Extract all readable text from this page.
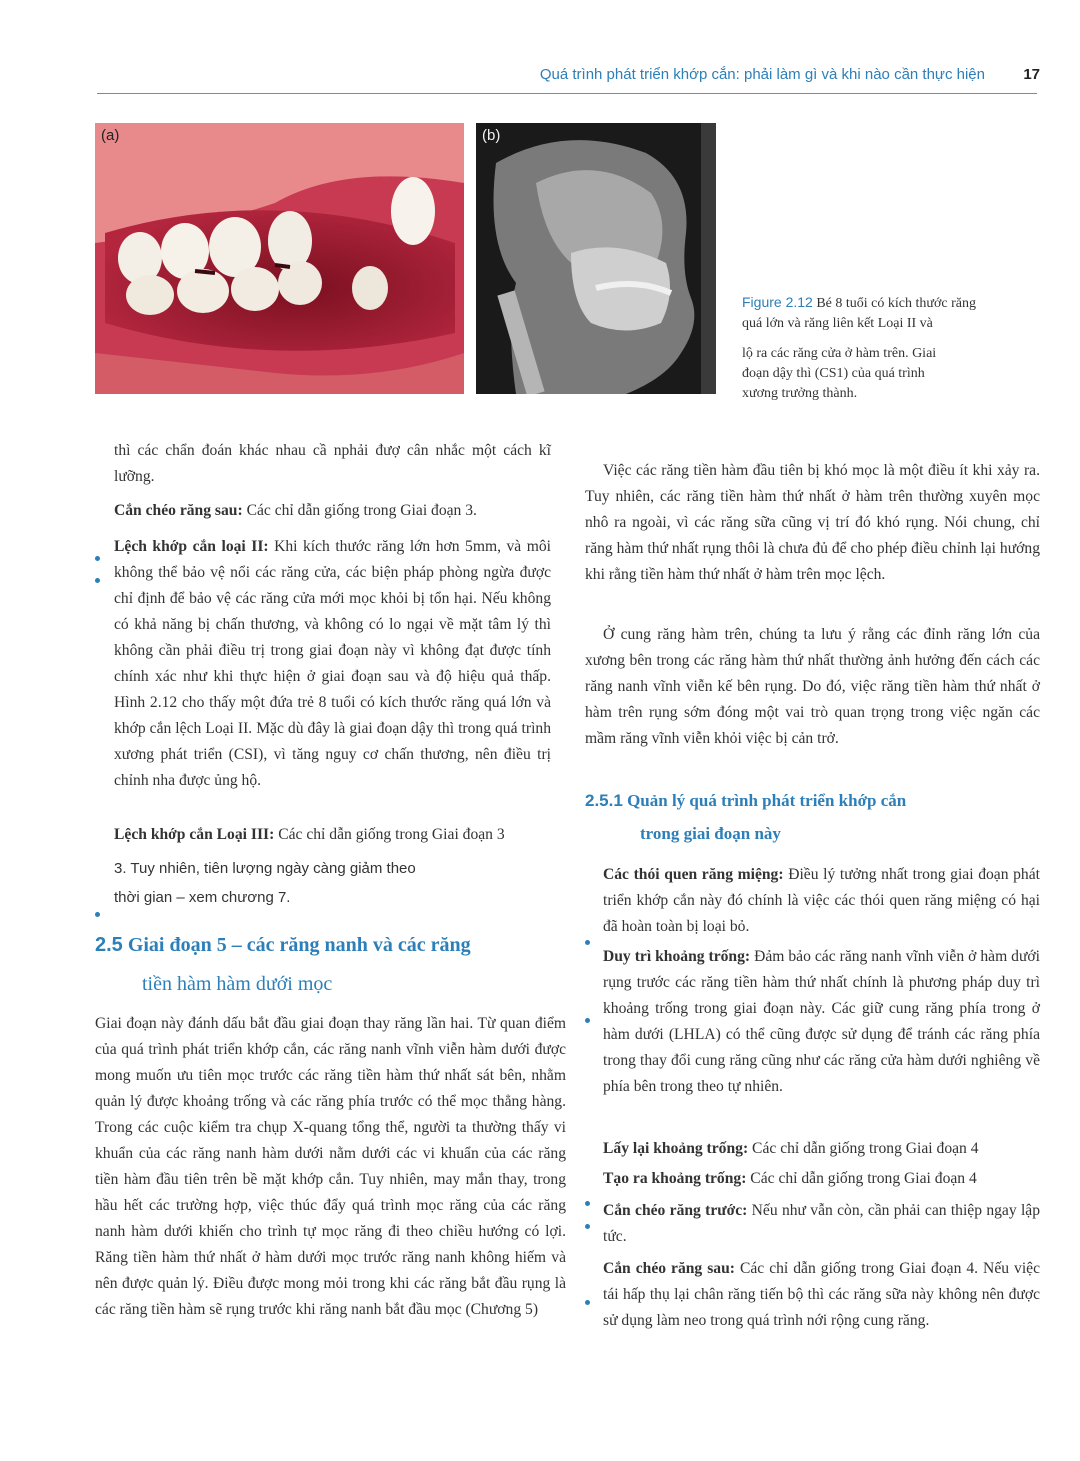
Quá trình phát triển khớp cắn: phải làm gì và khi nào cần thực hiện	17
(a)	(b)
Figure 2.12 Bé 8 tuổi có kích thước răng
quá lớn và răng liên kết Loại II và
lộ ra các răng cửa ở hàm trên. Giai
đoạn dậy thì (CS1) của quá trình
xương trưởng thành.

thì các chẩn đoán khác nhau cầ nphải đượ cân nhắc một cách kĩ lưỡng.

Cắn chéo răng sau: Các chỉ dẫn giống trong Giai đoạn 3.

Lệch khớp cắn loại II: Khi kích thước răng lớn hơn 5mm, và môi không thể bảo vệ nổi các răng cửa, các biện pháp phòng ngừa được chỉ định để bảo vệ các răng cửa mới mọc khỏi bị tổn hại. Nếu không có khả năng bị chấn thương, và không có lo ngại về mặt tâm lý thì không cần phải điều trị trong giai đoạn này vì không đạt được tính chính xác như khi thực hiện ở giai đoạn sau và độ hiệu quả thấp. Hình 2.12 cho thấy một đứa trẻ 8 tuổi có kích thước răng quá lớn và khớp cắn lệch Loại II. Mặc dù đây là giai đoạn dậy thì trong quá trình xương phát triển (CSI), vì tăng nguy cơ chấn thương, nên điều trị chỉnh nha được ủng hộ.

Lệch khớp cắn Loại III: Các chỉ dẫn giống trong Giai đoạn 3

3. Tuy nhiên, tiên lượng ngày càng giảm theo

thời gian – xem chương 7.

2.5 Giai đoạn 5 – các răng nanh và các răng
tiền hàm hàm dưới mọc

Giai đoạn này đánh dấu bắt đầu giai đoạn thay răng lần hai. Từ quan điểm của quá trình phát triển khớp cắn, các răng nanh vĩnh viễn hàm dưới được mong muốn ưu tiên mọc trước các răng tiền hàm thứ nhất sát bên, nhằm quản lý được khoảng trống và các răng phía trước có thể mọc thẳng hàng. Trong các cuộc kiểm tra chụp X-quang tổng thể, người ta thường thấy vi khuẩn của các răng nanh hàm dưới nằm dưới các vi khuẩn của các răng tiền hàm đầu tiên trên bề mặt khớp cắn. Tuy nhiên, may mắn thay, trong hầu hết các trường hợp, việc thúc đẩy quá trình mọc răng của các răng nanh hàm dưới khiến cho trình tự mọc răng đi theo chiều hướng có lợi. Răng tiền hàm thứ nhất ở hàm dưới mọc trước răng nanh không hiếm và nên được quản lý. Điều được mong mỏi trong khi các răng bắt đầu rụng là các răng tiền hàm sẽ rụng trước khi răng nanh bắt đầu mọc (Chương 5)

Việc các răng tiền hàm đầu tiên bị khó mọc là một điều ít khi xảy ra. Tuy nhiên, các răng tiền hàm thứ nhất ở hàm trên thường xuyên mọc nhô ra ngoài, vì các răng sữa cũng vị trí đó khó rụng. Nói chung, chỉ răng hàm thứ nhất rụng thôi là chưa đủ để cho phép điều chỉnh lại hướng khi rằng tiền hàm thứ nhất ở hàm trên mọc lệch.

Ở cung răng hàm trên, chúng ta lưu ý rằng các đỉnh răng lớn của xương bên trong các răng hàm thứ nhất thường ảnh hưởng đến cách các răng nanh vĩnh viễn kế bên rụng. Do đó, việc răng tiền hàm thứ nhất ở hàm trên rụng sớm đóng một vai trò quan trọng trong việc ngăn các mầm răng vĩnh viễn khỏi việc bị cản trở.

2.5.1 Quản lý quá trình phát triển khớp cắn
trong giai đoạn này

Các thói quen răng miệng: Điều lý tưởng nhất trong giai đoạn phát triển khớp cắn này đó chính là việc các thói quen răng miệng có hại đã hoàn toàn bị loại bỏ.

Duy trì khoảng trống: Đảm bảo các răng nanh vĩnh viễn ở hàm dưới rụng trước các răng tiền hàm thứ nhất chính là phương pháp duy trì khoảng trống trong giai đoạn này. Các giữ cung răng phía trong ở hàm dưới (LHLA) có thể cũng được sử dụng để tránh các răng phía trong thay đổi cung răng cũng như các răng cửa hàm dưới nghiêng về phía bên trong theo tự nhiên.

Lấy lại khoảng trống: Các chỉ dẫn giống trong Giai đoạn 4

Tạo ra khoảng trống: Các chỉ dẫn giống trong Giai đoạn 4

Cắn chéo răng trước: Nếu như vẫn còn, cần phải can thiệp ngay lập tức.

Cắn chéo răng sau: Các chỉ dẫn giống trong Giai đoạn 4. Nếu việc tái hấp thụ lại chân răng tiến bộ thì các răng sữa này không nên được sử dụng làm neo trong quá trình nới rộng cung răng.
